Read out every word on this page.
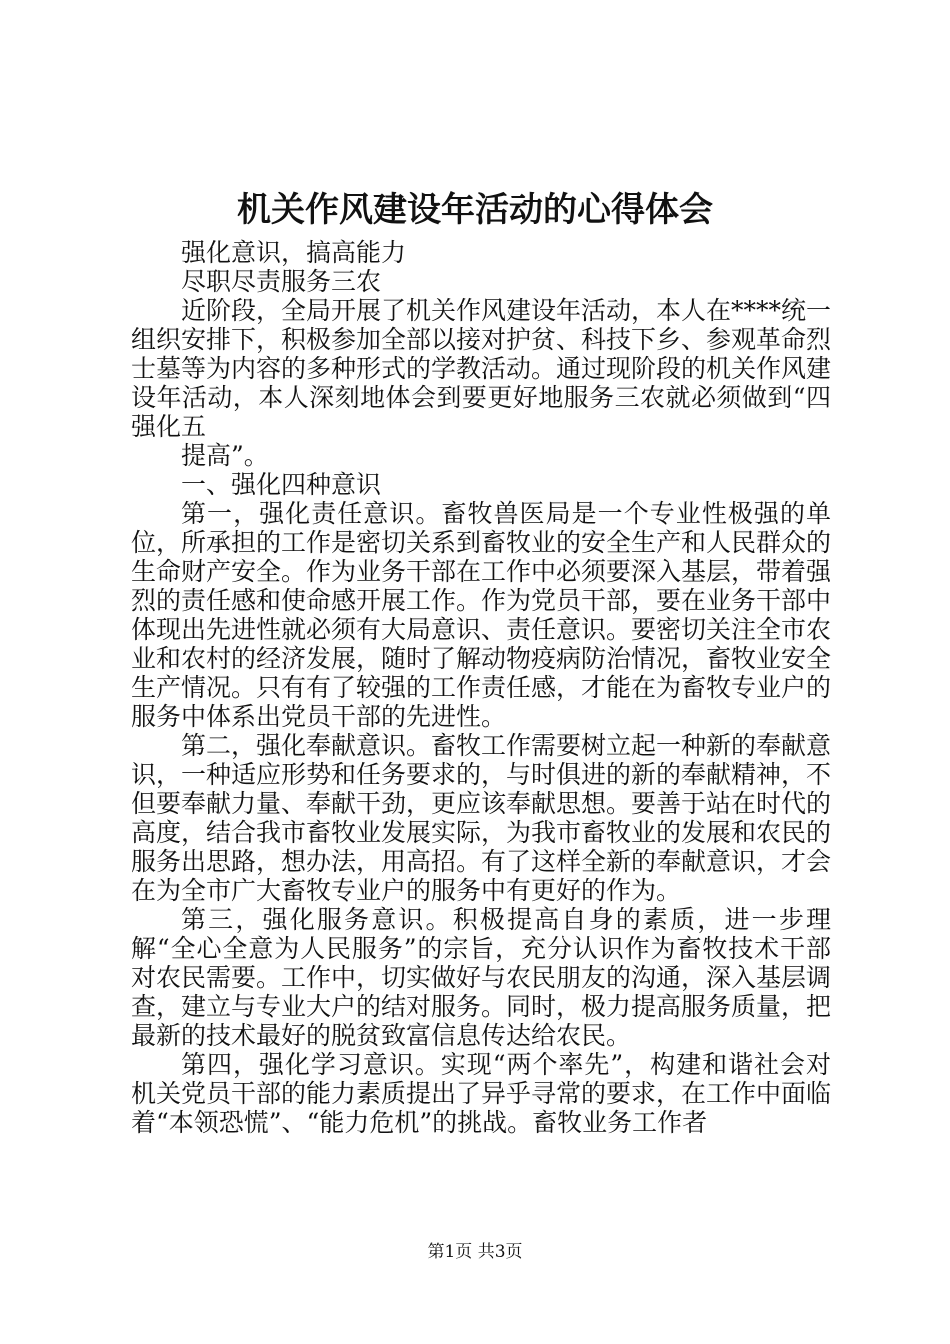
机关作风建设年活动的心得体会

强化意识，搞高能力

尽职尽责服务三农

近阶段，全局开展了机关作风建设年活动，本人在****统一组织安排下，积极参加全部以接对护贫、科技下乡、参观革命烈士墓等为内容的多种形式的学教活动。通过现阶段的机关作风建设年活动，本人深刻地体会到要更好地服务三农就必须做到“四强化五

提高”。

一、强化四种意识

第一，强化责任意识。畜牧兽医局是一个专业性极强的单位，所承担的工作是密切关系到畜牧业的安全生产和人民群众的生命财产安全。作为业务干部在工作中必须要深入基层，带着强烈的责任感和使命感开展工作。作为党员干部，要在业务干部中体现出先进性就必须有大局意识、责任意识。要密切关注全市农业和农村的经济发展，随时了解动物疫病防治情况，畜牧业安全生产情况。只有有了较强的工作责任感，才能在为畜牧专业户的服务中体系出党员干部的先进性。

第二，强化奉献意识。畜牧工作需要树立起一种新的奉献意识，一种适应形势和任务要求的，与时俱进的新的奉献精神，不但要奉献力量、奉献干劲，更应该奉献思想。要善于站在时代的高度，结合我市畜牧业发展实际，为我市畜牧业的发展和农民的服务出思路，想办法，用高招。有了这样全新的奉献意识，才会在为全市广大畜牧专业户的服务中有更好的作为。

第三，强化服务意识。积极提高自身的素质，进一步理解“全心全意为人民服务”的宗旨，充分认识作为畜牧技术干部对农民需要。工作中，切实做好与农民朋友的沟通，深入基层调查，建立与专业大户的结对服务。同时，极力提高服务质量，把最新的技术最好的脱贫致富信息传达给农民。

第四，强化学习意识。实现“两个率先”，构建和谐社会对机关党员干部的能力素质提出了异乎寻常的要求，在工作中面临着“本领恐慌”、“能力危机”的挑战。畜牧业务工作者

第1页 共3页
